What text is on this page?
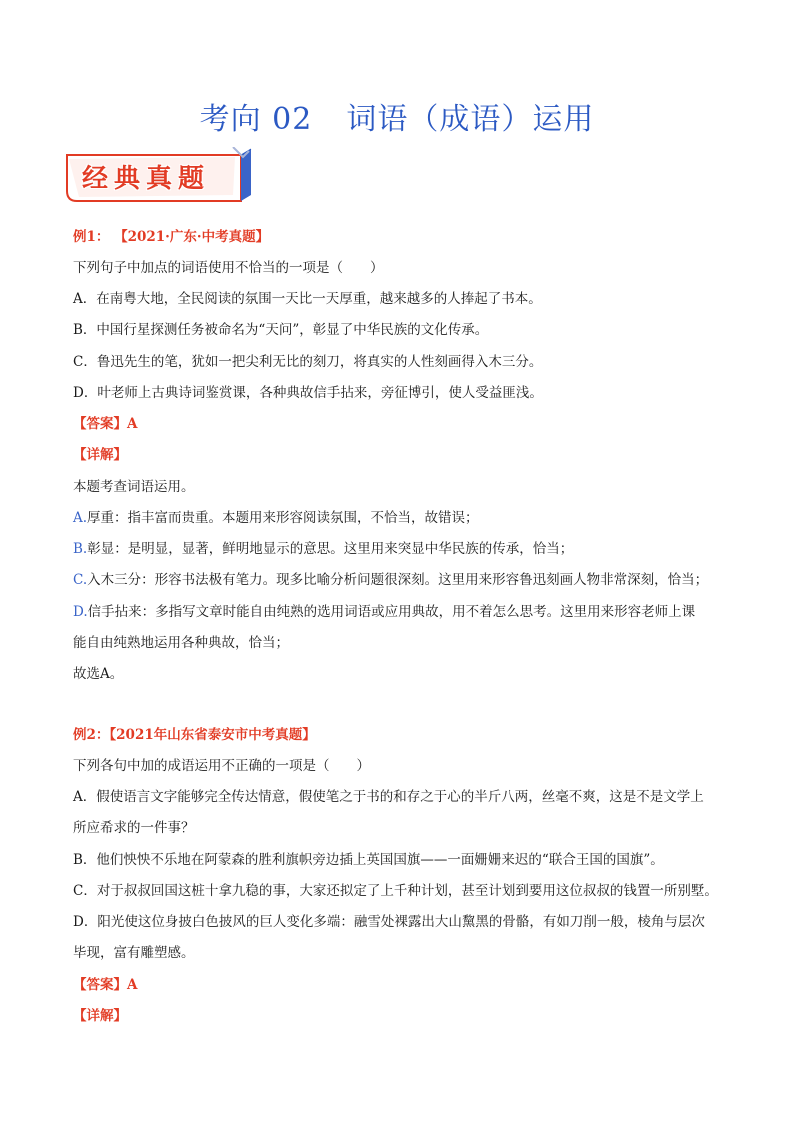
考向 02 词语（成语）运用
经典真题
例1： 【2021·广东·中考真题】
下列句子中加点的词语使用不恰当的一项是（　　）
A．在南粤大地，全民阅读的氛围一天比一天厚重，越来越多的人捧起了书本。
B．中国行星探测任务被命名为“天问”，彰显了中华民族的文化传承。
C．鲁迅先生的笔，犹如一把尖利无比的刻刀，将真实的人性刻画得入木三分。
D．叶老师上古典诗词鉴赏课，各种典故信手拈来，旁征博引，使人受益匪浅。
【答案】A
【详解】
本题考查词语运用。
A.厚重：指丰富而贵重。本题用来形容阅读氛围，不恰当，故错误；
B.彰显：是明显，显著，鲜明地显示的意思。这里用来突显中华民族的传承，恰当；
C.入木三分：形容书法极有笔力。现多比喻分析问题很深刻。这里用来形容鲁迅刻画人物非常深刻，恰当；
D.信手拈来：多指写文章时能自由纯熟的选用词语或应用典故，用不着怎么思考。这里用来形容老师上课
能自由纯熟地运用各种典故，恰当；
故选A。
例2：【2021年山东省泰安市中考真题】
下列各句中加的成语运用不正确的一项是（　　）
A．假使语言文字能够完全传达情意，假使笔之于书的和存之于心的半斤八两，丝毫不爽，这是不是文学上
所应希求的一件事？
B．他们怏怏不乐地在阿蒙森的胜利旗帜旁边插上英国国旗——一面姗姗来迟的“联合王国的国旗”。
C．对于叔叔回国这桩十拿九稳的事，大家还拟定了上千种计划，甚至计划到要用这位叔叔的钱置一所别墅。
D．阳光使这位身披白色披风的巨人变化多端：融雪处裸露出大山黧黑的骨骼，有如刀削一般，棱角与层次
毕现，富有雕塑感。
【答案】A
【详解】
